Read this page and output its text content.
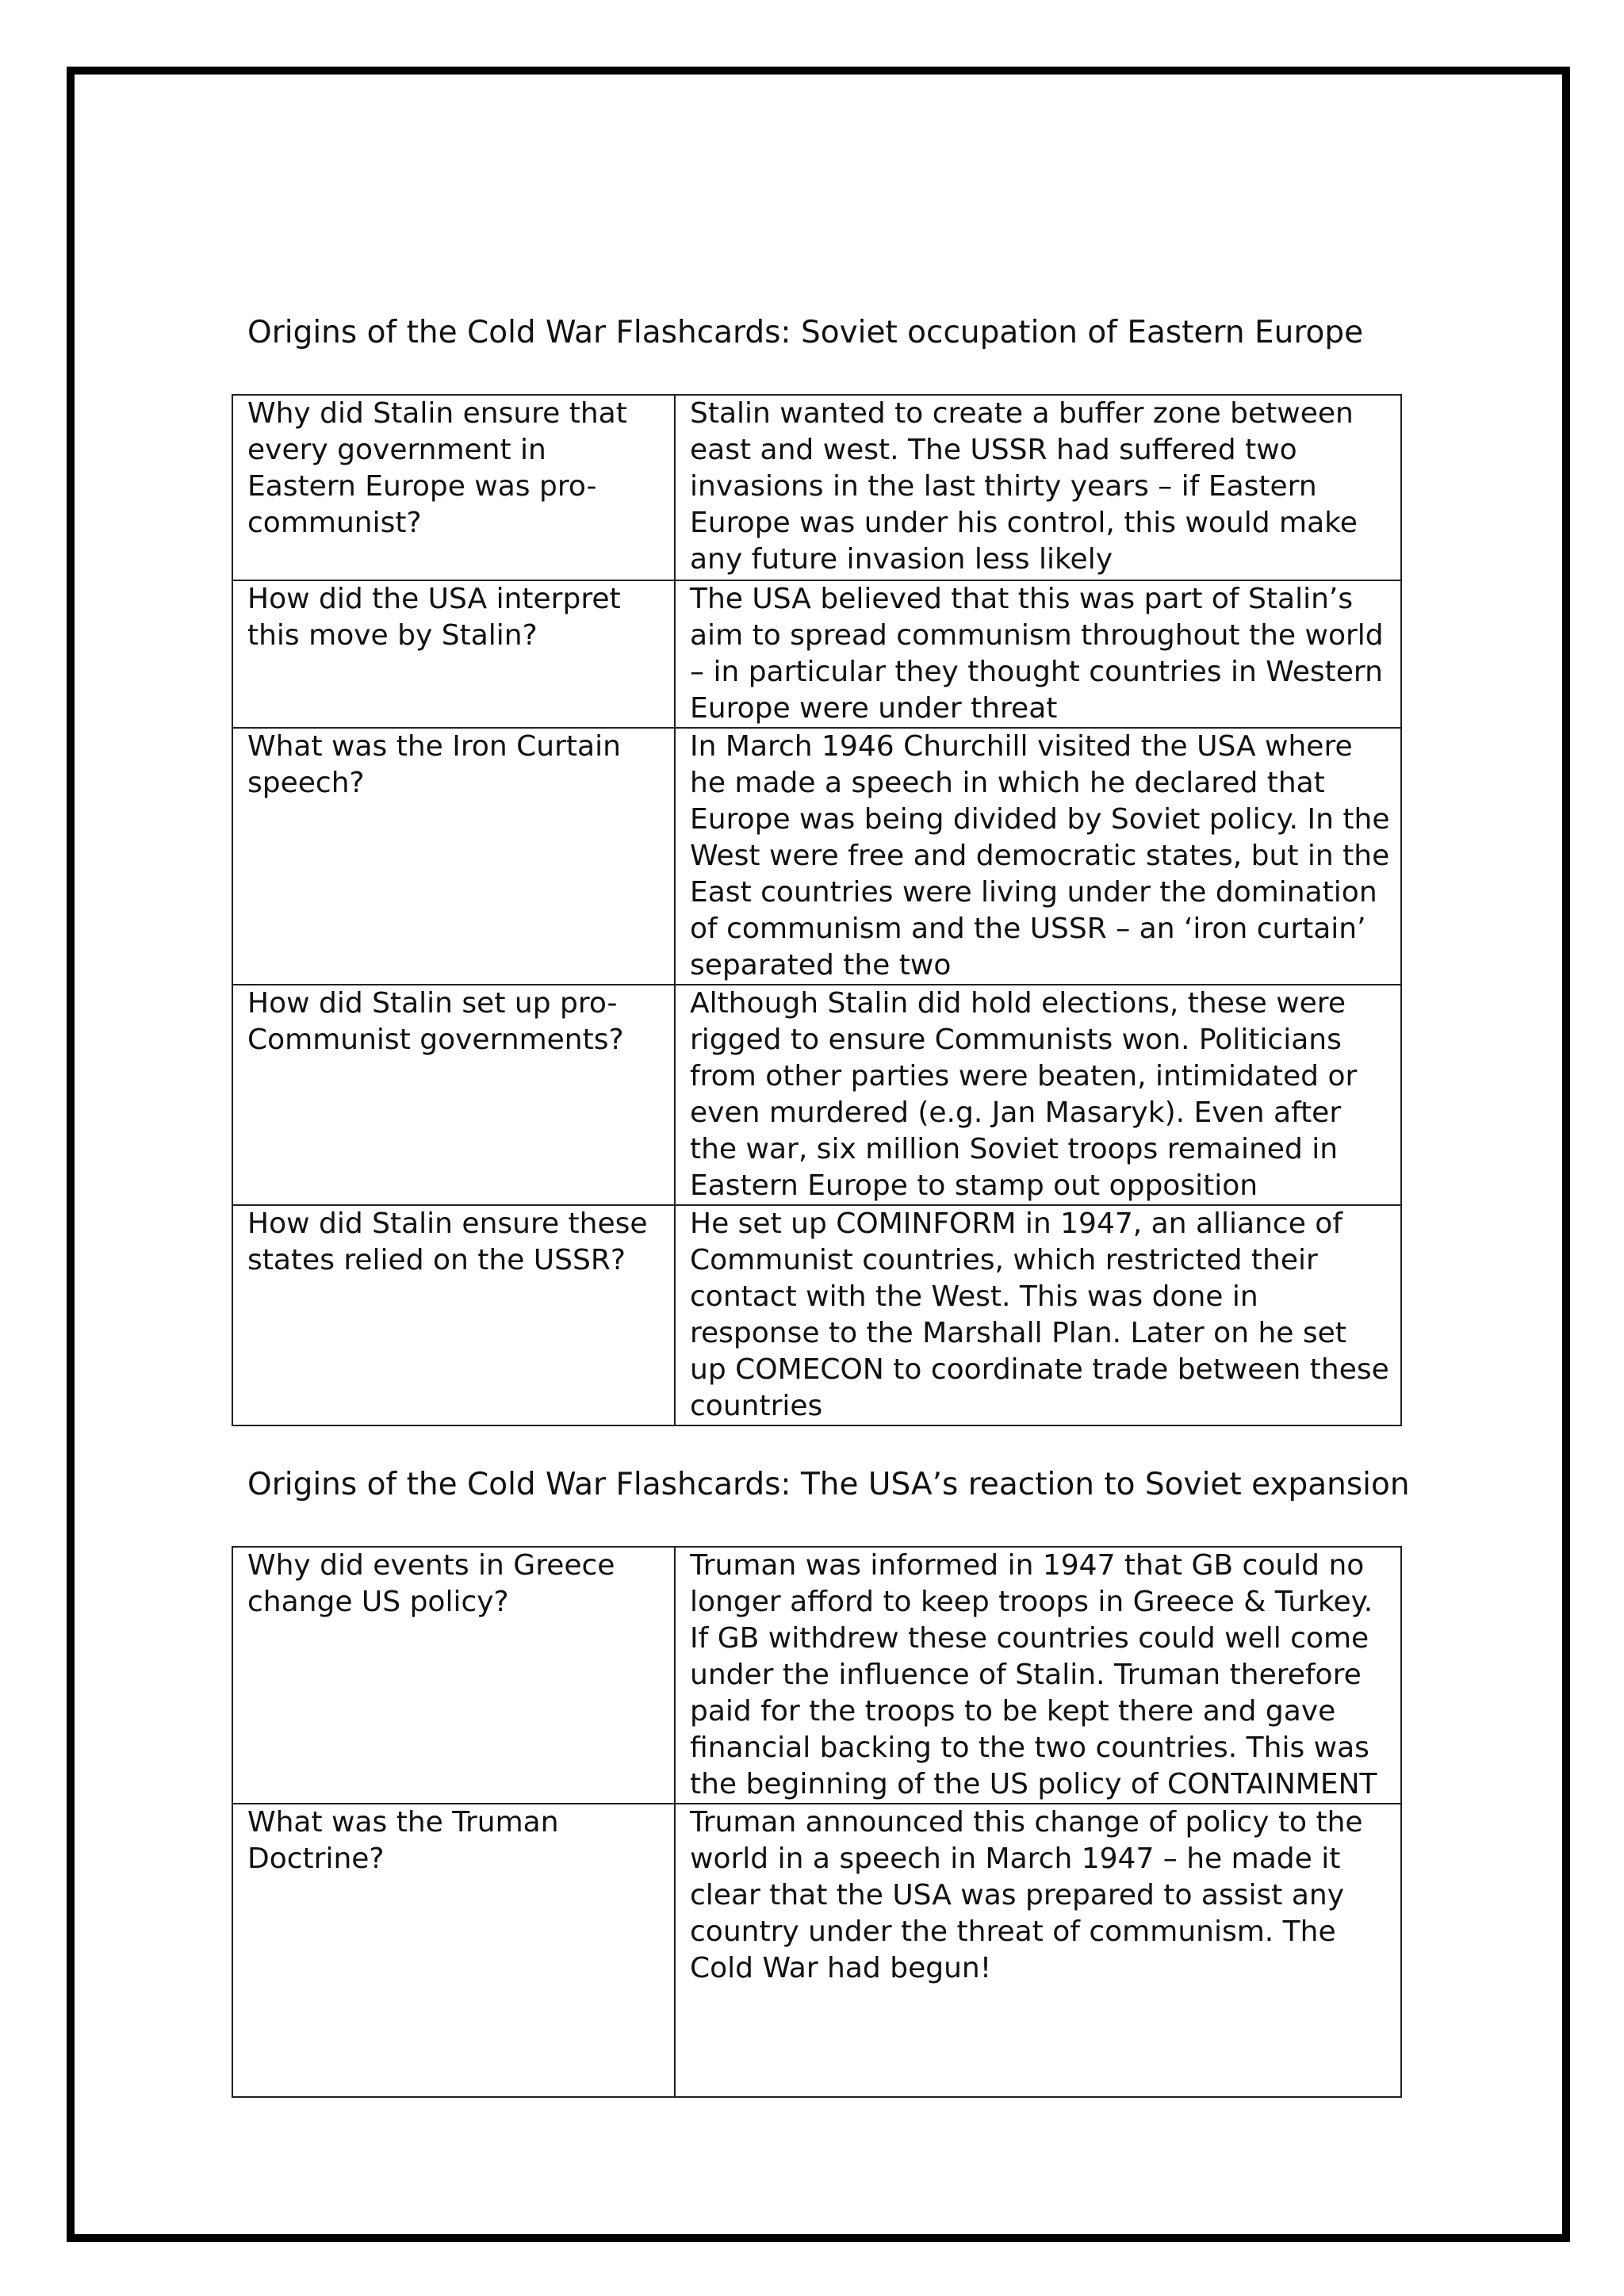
Origins of the Cold War Flashcards: Soviet occupation of Eastern Europe
Why did Stalin ensure that every government in Eastern Europe was pro-communist?	Stalin wanted to create a buffer zone between east and west. The USSR had suffered two invasions in the last thirty years – if Eastern Europe was under his control, this would make any future invasion less likely
How did the USA interpret this move by Stalin?	The USA believed that this was part of Stalin’s aim to spread communism throughout the world – in particular they thought countries in Western Europe were under threat
What was the Iron Curtain speech?	In March 1946 Churchill visited the USA where he made a speech in which he declared that Europe was being divided by Soviet policy. In the West were free and democratic states, but in the East countries were living under the domination of communism and the USSR – an ‘iron curtain’ separated the two
How did Stalin set up pro-Communist governments?	Although Stalin did hold elections, these were rigged to ensure Communists won. Politicians from other parties were beaten, intimidated or even murdered (e.g. Jan Masaryk). Even after the war, six million Soviet troops remained in Eastern Europe to stamp out opposition
How did Stalin ensure these states relied on the USSR?	He set up COMINFORM in 1947, an alliance of Communist countries, which restricted their contact with the West. This was done in response to the Marshall Plan. Later on he set up COMECON to coordinate trade between these countries
Origins of the Cold War Flashcards: The USA’s reaction to Soviet expansion
Why did events in Greece change US policy?	Truman was informed in 1947 that GB could no longer afford to keep troops in Greece & Turkey. If GB withdrew these countries could well come under the influence of Stalin. Truman therefore paid for the troops to be kept there and gave financial backing to the two countries. This was the beginning of the US policy of CONTAINMENT
What was the Truman Doctrine?	Truman announced this change of policy to the world in a speech in March 1947 – he made it clear that the USA was prepared to assist any country under the threat of communism. The Cold War had begun!
